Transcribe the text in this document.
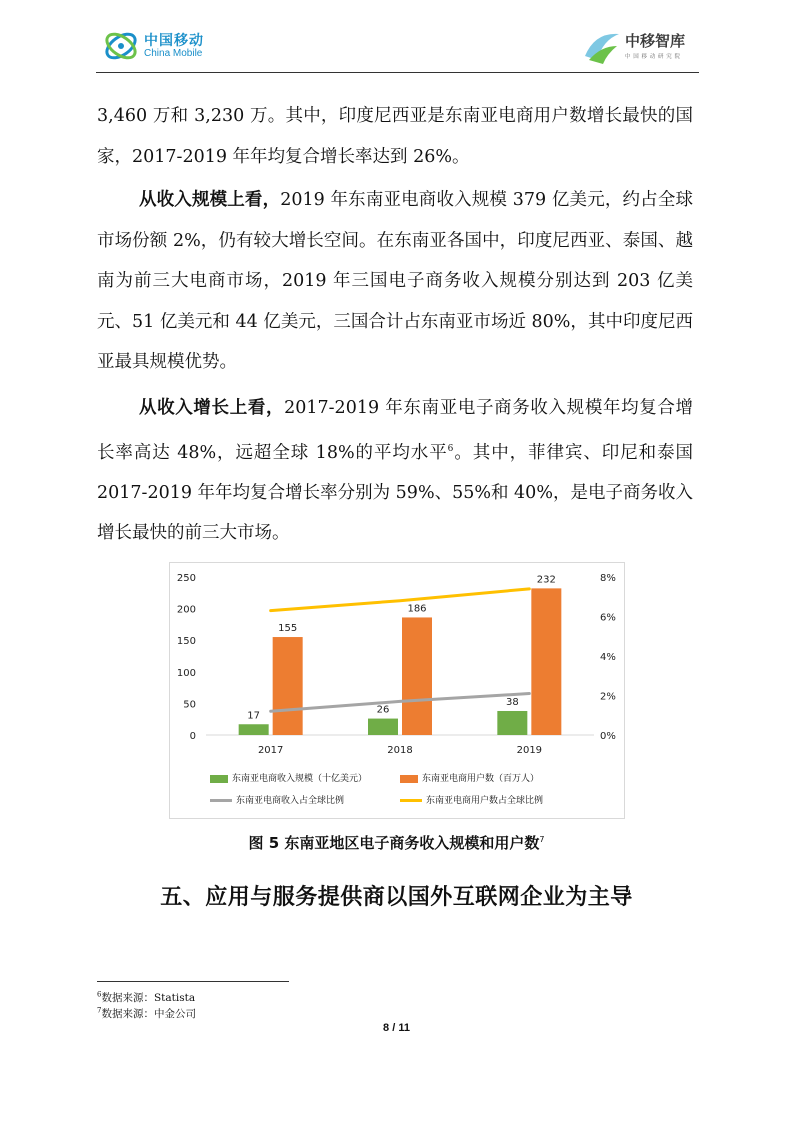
中国移动
China Mobile
中移智库
中 国 移 动 研 究 院
3,460 万和 3,230 万。其中，印度尼西亚是东南亚电商用户数增长最快的国家，2017-2019 年年均复合增长率达到 26%。
从收入规模上看，2019 年东南亚电商收入规模 379 亿美元，约占全球市场份额 2%，仍有较大增长空间。在东南亚各国中，印度尼西亚、泰国、越南为前三大电商市场，2019 年三国电子商务收入规模分别达到 203 亿美元、51 亿美元和 44 亿美元，三国合计占东南亚市场近 80%，其中印度尼西亚最具规模优势。
从收入增长上看，2017-2019 年东南亚电子商务收入规模年均复合增长率高达 48%，远超全球 18%的平均水平$^6$。其中，菲律宾、印尼和泰国 2017-2019 年年均复合增长率分别为 59%、55%和 40%，是电子商务收入增长最快的前三大市场。
0
50
100
150
200
250
0%
2%
4%
6%
8%
2017	2018	2019
17
26
38
155
186
232
东南亚电商收入规模（十亿美元）	东南亚电商用户数（百万人）
东南亚电商收入占全球比例	东南亚电商用户数占全球比例
图 5 东南亚地区电子商务收入规模和用户数$^7$
五、应用与服务提供商以国外互联网企业为主导
$^6$数据来源：Statista
$^7$数据来源：中金公司
8 / 11
